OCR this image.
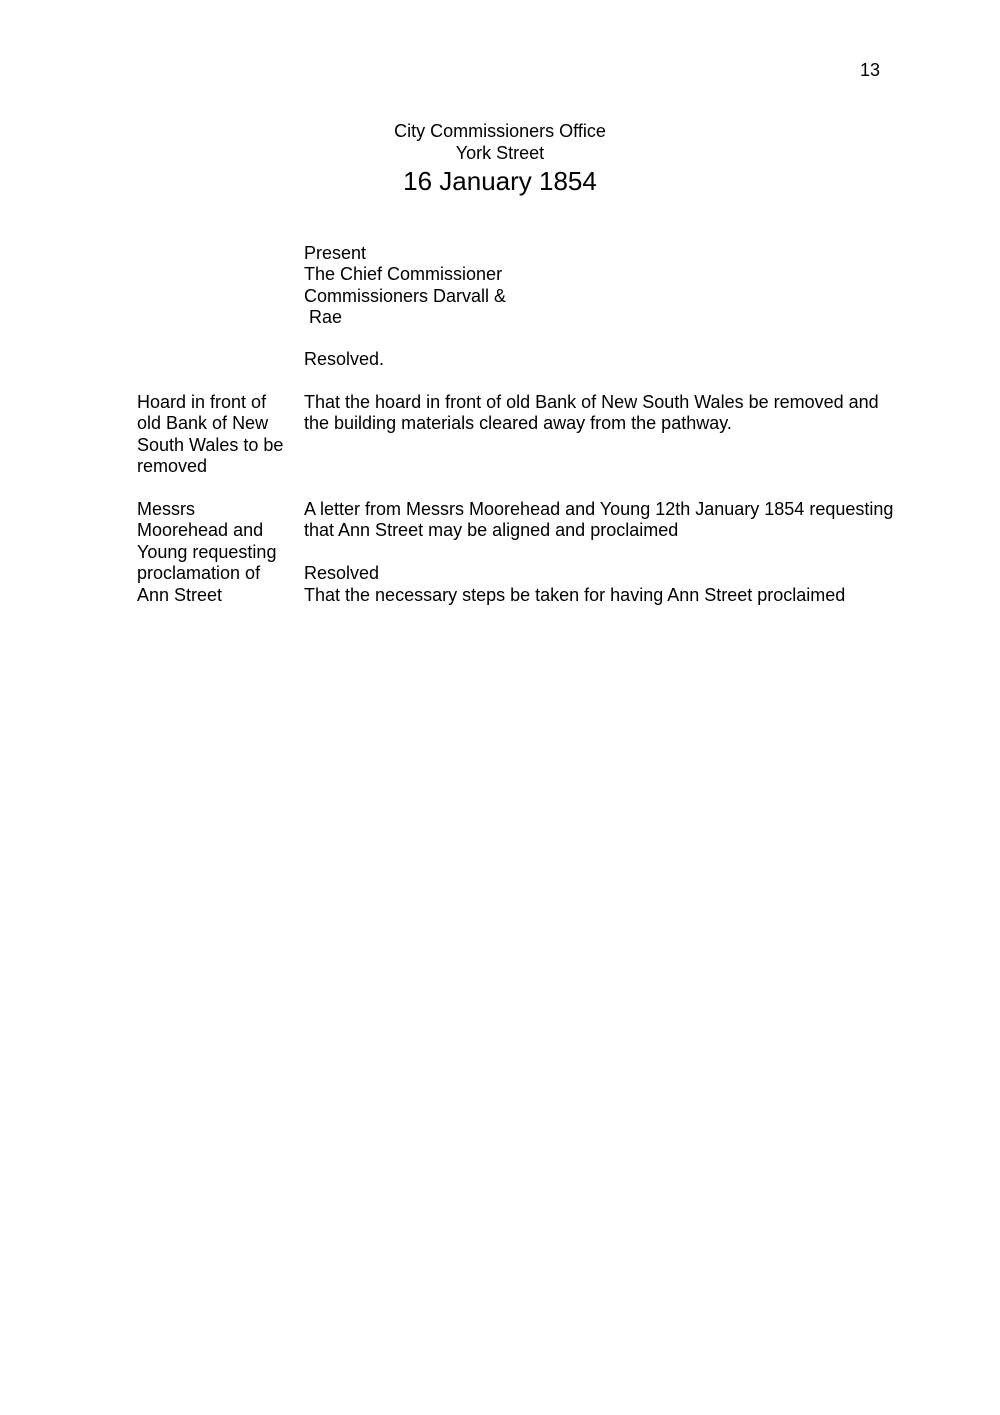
13
City Commissioners Office
York Street
16 January 1854
Present
The Chief Commissioner
Commissioners Darvall &
Rae
Resolved.
Hoard in front of
old Bank of New
South Wales to be
removed
That the hoard in front of old Bank of New South Wales be removed and
the building materials cleared away from the pathway.
Messrs
Moorehead and
Young requesting
proclamation of
Ann Street
A letter from Messrs Moorehead and Young 12th January 1854 requesting
that Ann Street may be aligned and proclaimed
Resolved
That the necessary steps be taken for having Ann Street proclaimed
